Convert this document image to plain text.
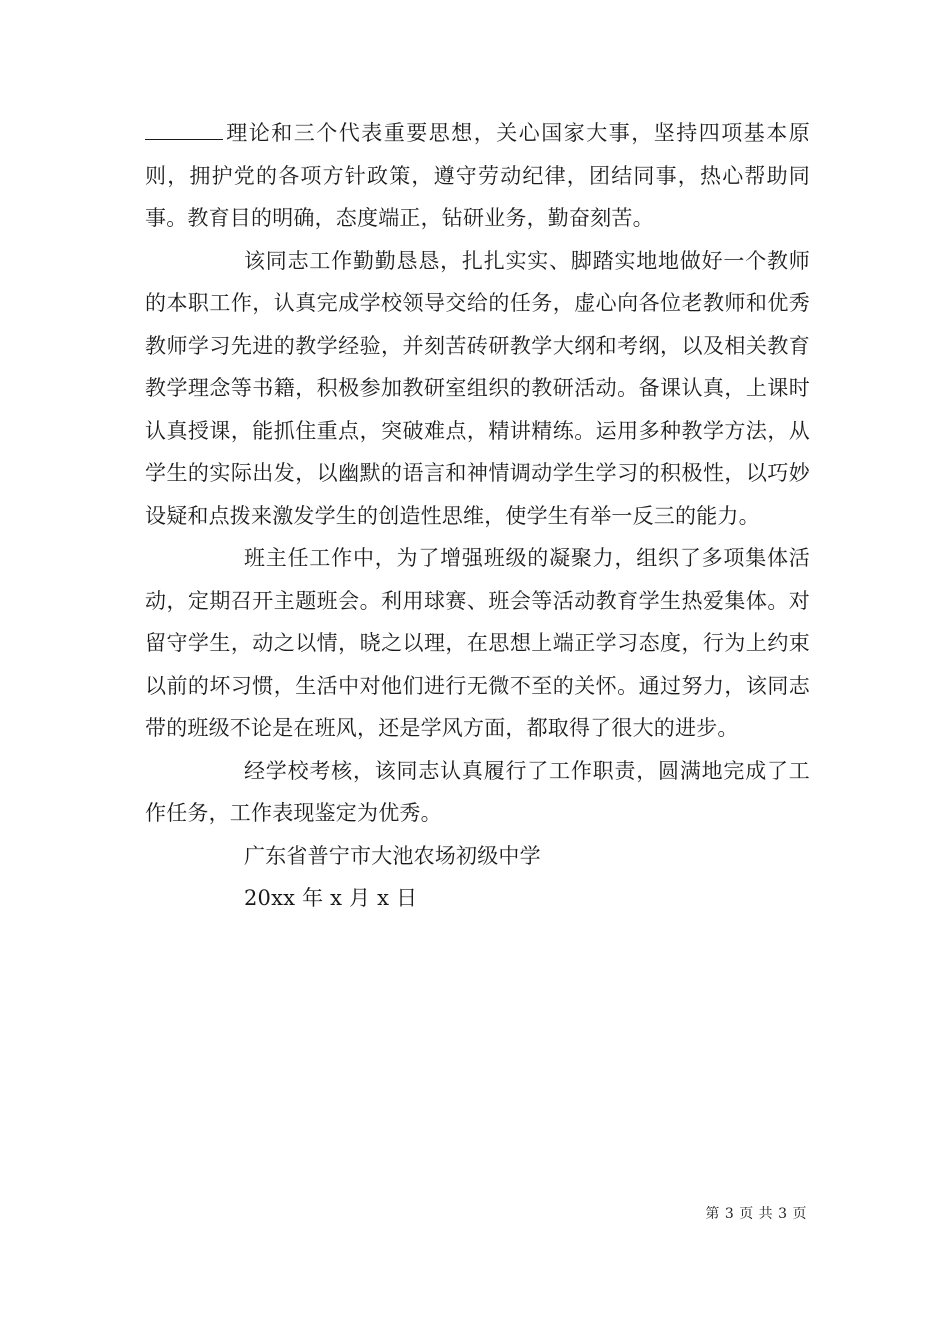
理论和三个代表重要思想，关心国家大事，坚持四项基本原则，拥护党的各项方针政策，遵守劳动纪律，团结同事，热心帮助同事。教育目的明确，态度端正，钻研业务，勤奋刻苦。

该同志工作勤勤恳恳，扎扎实实、脚踏实地地做好一个教师的本职工作，认真完成学校领导交给的任务，虚心向各位老教师和优秀教师学习先进的教学经验，并刻苦砖研教学大纲和考纲，以及相关教育教学理念等书籍，积极参加教研室组织的教研活动。备课认真，上课时认真授课，能抓住重点，突破难点，精讲精练。运用多种教学方法，从学生的实际出发，以幽默的语言和神情调动学生学习的积极性，以巧妙设疑和点拨来激发学生的创造性思维，使学生有举一反三的能力。

班主任工作中，为了增强班级的凝聚力，组织了多项集体活动，定期召开主题班会。利用球赛、班会等活动教育学生热爱集体。对留守学生，动之以情，晓之以理，在思想上端正学习态度，行为上约束以前的坏习惯，生活中对他们进行无微不至的关怀。通过努力，该同志带的班级不论是在班风，还是学风方面，都取得了很大的进步。

经学校考核，该同志认真履行了工作职责，圆满地完成了工作任务，工作表现鉴定为优秀。

广东省普宁市大池农场初级中学

20xx 年 x 月 x 日

第 3 页 共 3 页
